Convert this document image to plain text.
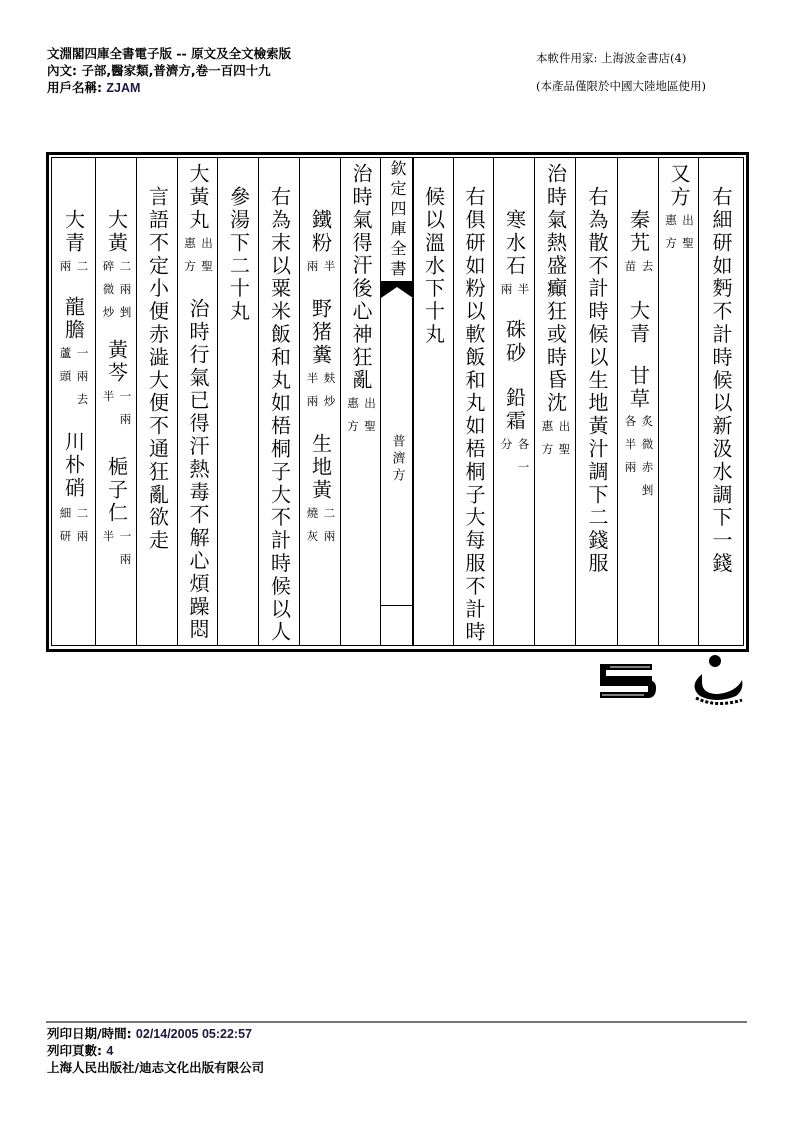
文淵閣四庫全書電子版 -- 原文及全文檢索版
內文: 子部,醫家類,普濟方,卷一百四十九
用戶名稱: ZJAM
本軟件用家: 上海波金書店(4)
(本產品僅限於中國大陸地區使用)
右細研如麪不計時候以新汲水調下一錢
又方
出聖
惠方
秦艽
去
苗
大青
甘草
炙微赤剉
各半兩
右為散不計時候以生地黃汁調下二錢服
治時氣熱盛癲狂或時昏沈
出聖
惠方
寒水石
半
兩
硃砂
鉛霜
各一
分
右俱研如粉以軟飯和丸如梧桐子大每服不計時
候以溫水下十丸
欽定四庫全書
普濟方
治時氣得汗後心神狂亂
出聖
惠方
鐵粉
半
兩
野猪糞
麸炒
半兩
生地黃
二兩
燒灰
右為末以粟米飯和丸如梧桐子大不計時候以人
參湯下二十丸
大黃丸
出聖
惠方
治時行氣已得汗熱毒不解心煩躁悶
言語不定小便赤澁大便不通狂亂欲走
大黃
二兩剉
碎微炒
黃芩
一兩
半
梔子仁
一兩
半
大青
二
兩
龍膽
一兩去
蘆頭
川朴硝
二兩
細研
列印日期/時間: 02/14/2005 05:22:57
列印頁數: 4
上海人民出版社/迪志文化出版有限公司
